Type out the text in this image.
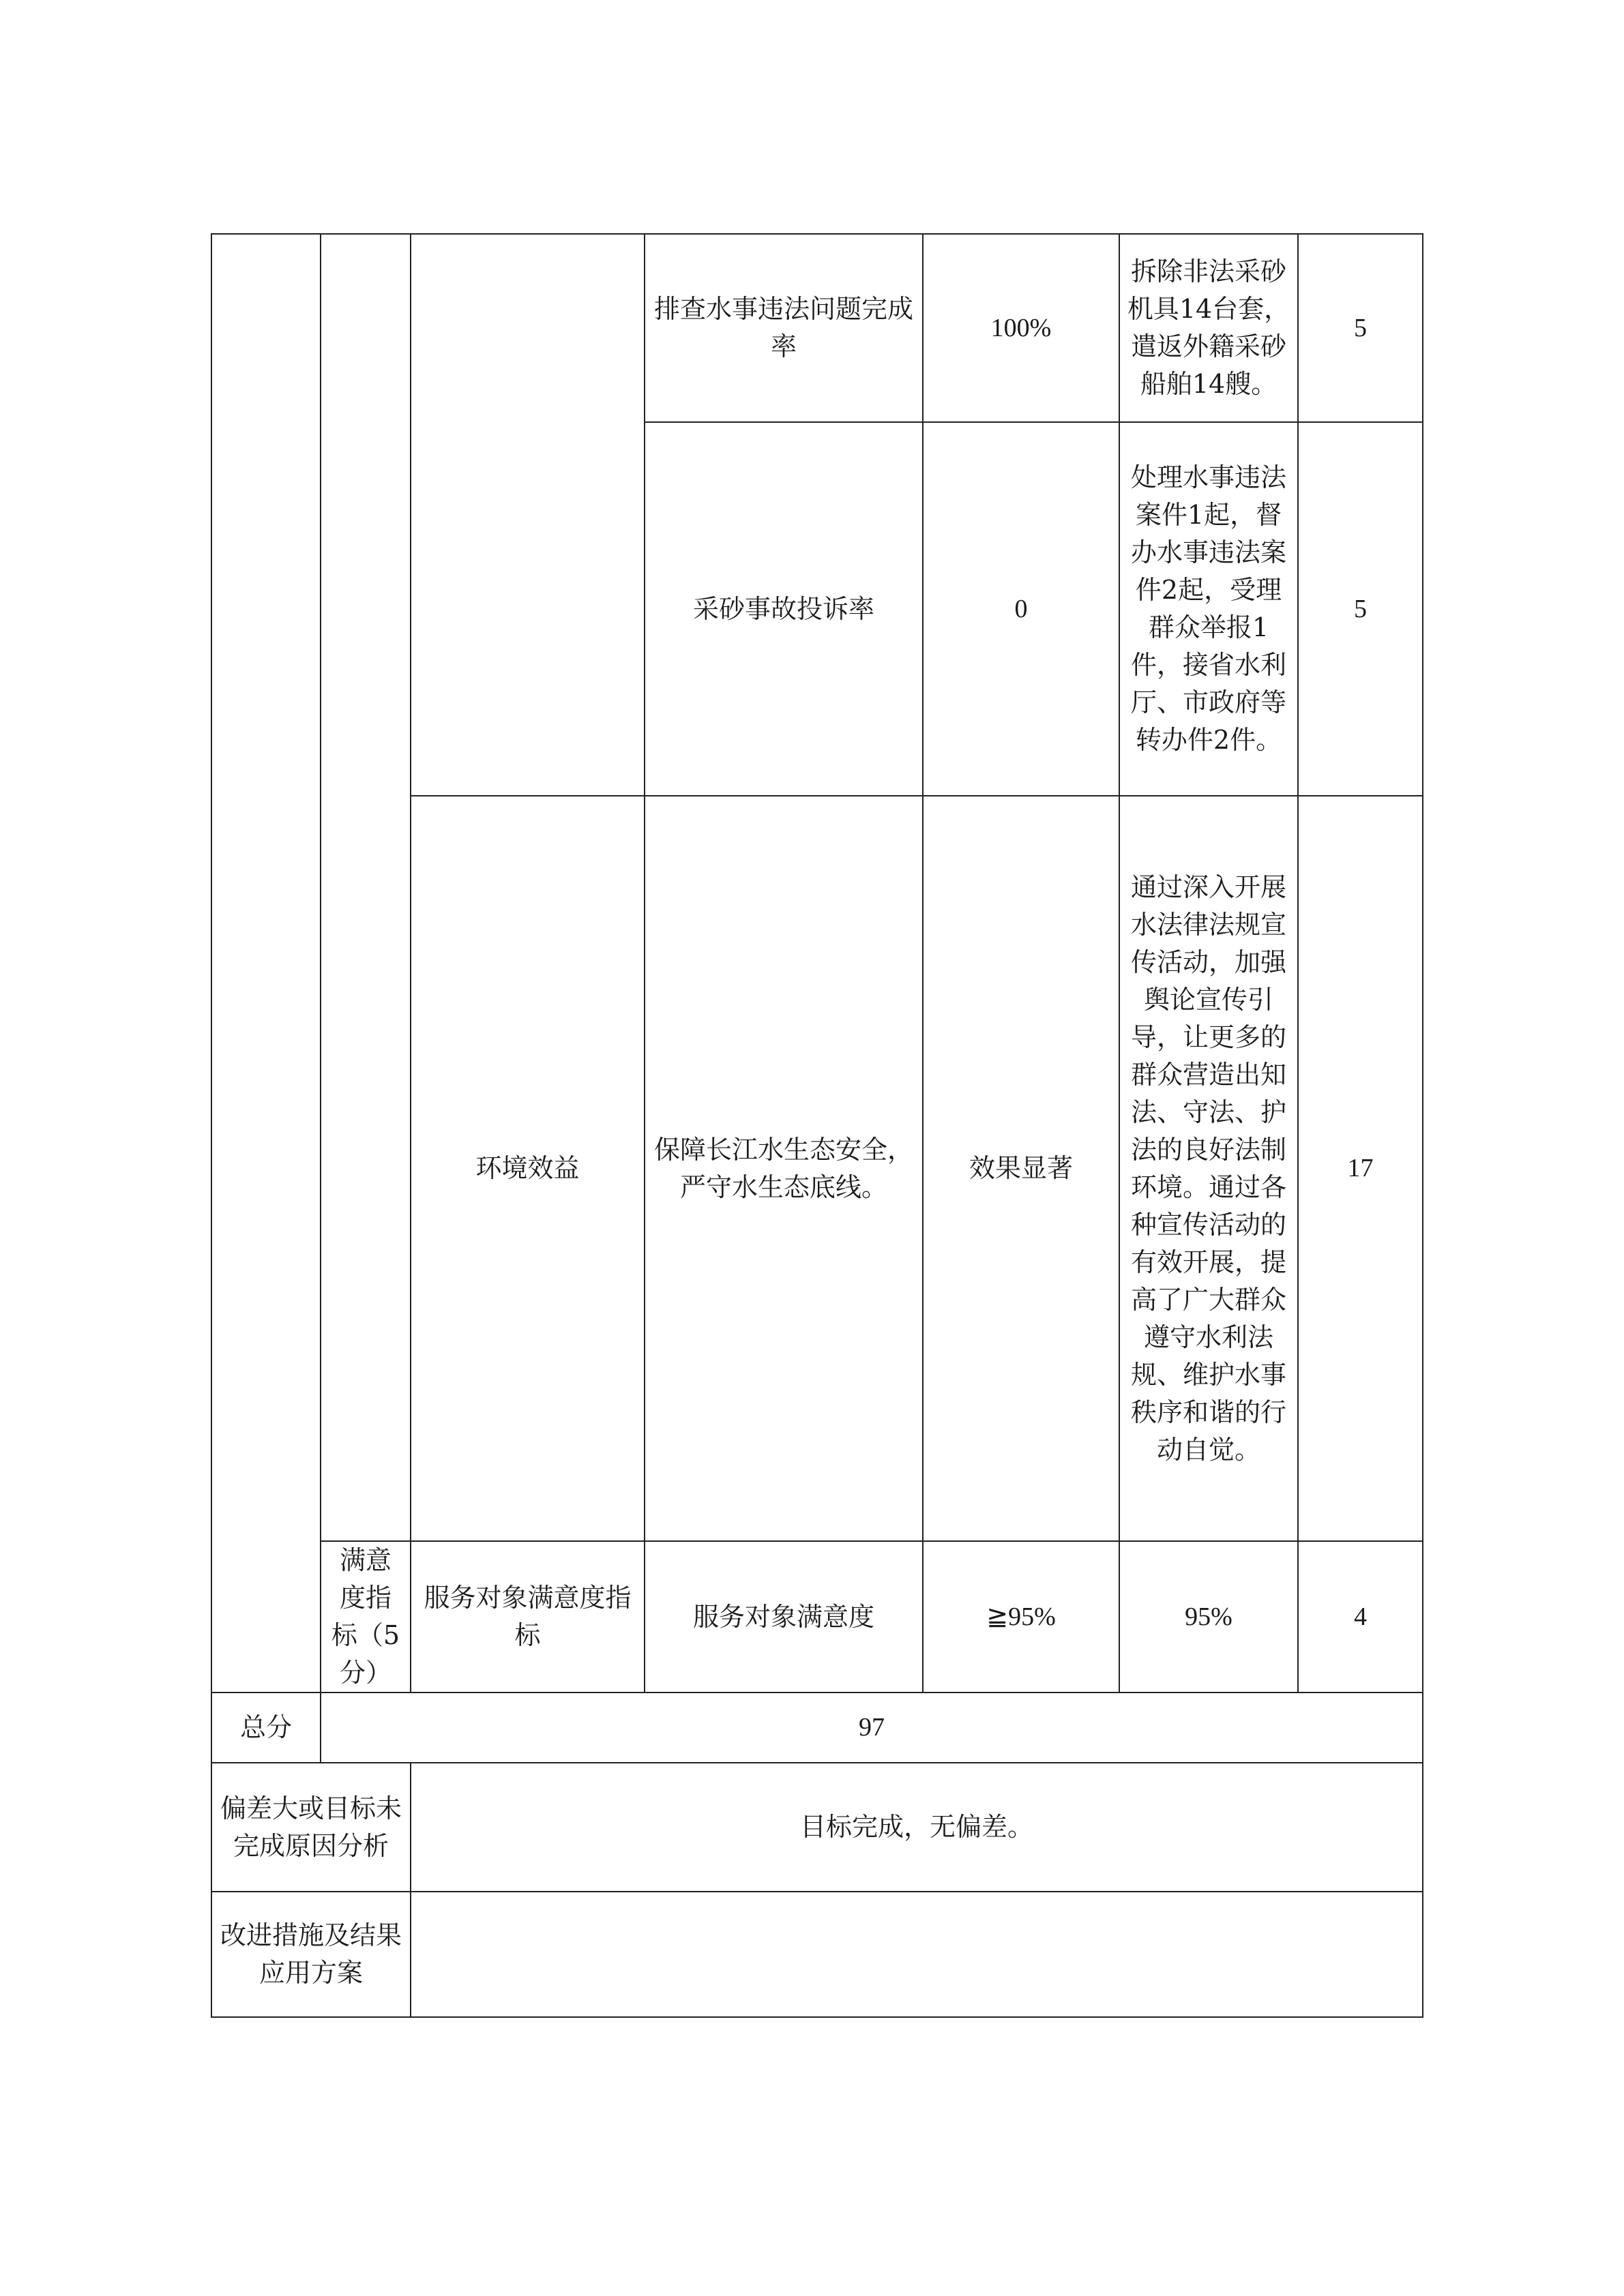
			排查水事违法问题完成率	100%	拆除非法采砂机具14台套，遣返外籍采砂船舶14艘。	5
			采砂事故投诉率	0	处理水事违法案件1起，督办水事违法案件2起，受理群众举报1件，接省水利厅、市政府等转办件2件。	5
		环境效益	保障长江水生态安全，严守水生态底线。	效果显著	通过深入开展水法律法规宣传活动，加强舆论宣传引导，让更多的群众营造出知法、守法、护法的良好法制环境。通过各种宣传活动的有效开展，提高了广大群众遵守水利法规、维护水事秩序和谐的行动自觉。	17
	满意度指标（5分）	服务对象满意度指标	服务对象满意度	≧95%	95%	4
总分	97					
偏差大或目标未完成原因分析		目标完成，无偏差。				
改进措施及结果应用方案						
